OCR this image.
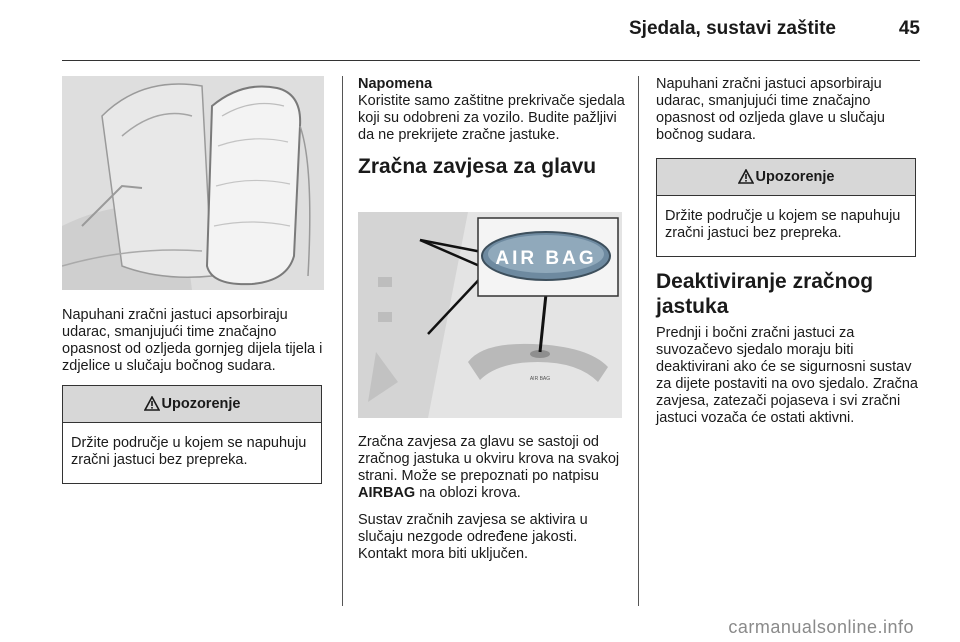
Sjedala, sustavi zaštite	45

Napuhani zračni jastuci apsorbiraju udarac, smanjujući time značajno opasnost od ozljeda gornjeg dijela tijela i zdjelice u slučaju bočnog sudara.

Upozorenje
Držite područje u kojem se napuhuju zračni jastuci bez prepreka.
Napomena

Koristite samo zaštitne prekrivače sjedala koji su odobreni za vozilo. Budite pažljivi da ne prekrijete zračne jastuke.

Zračna zavjesa za glavu
AIR BAG
AIR BAG

Zračna zavjesa za glavu se sastoji od zračnog jastuka u okviru krova na svakoj strani. Može se prepoznati po natpisu AIRBAG na oblozi krova.

Sustav zračnih zavjesa se aktivira u slučaju nezgode određene jakosti. Kontakt mora biti uključen.

Napuhani zračni jastuci apsorbiraju udarac, smanjujući time značajno opasnost od ozljeda glave u slučaju bočnog sudara.

Upozorenje
Držite područje u kojem se napuhuju zračni jastuci bez prepreka.
Deaktiviranje zračnog jastuka

Prednji i bočni zračni jastuci za suvozačevo sjedalo moraju biti deaktivirani ako će se sigurnosni sustav za dijete postaviti na ovo sjedalo. Zračna zavjesa, zatezači pojaseva i svi zračni jastuci vozača će ostati aktivni.

carmanualsonline.info
